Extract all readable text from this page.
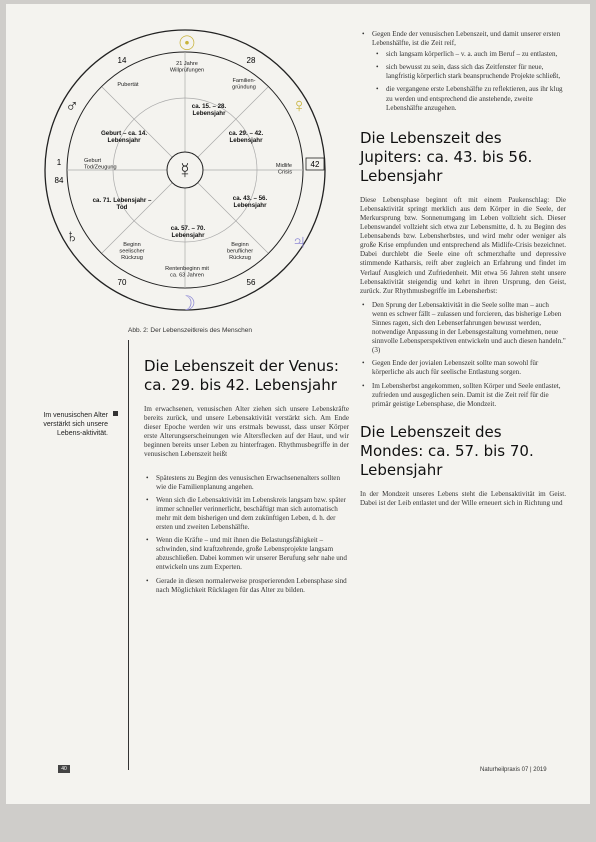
☿
☉
♀
♃
☽
♂
♄
14	28
1
84
42
70	56
21 Jahre Willprüfungen
Pubertät
Familien-gründung
Geburt Tod/Zeugung	Midlife Crisis
Beginn seelischer Rückzug
Beginn beruflicher Rückzug
Rentenbeginn mit ca. 63 Jahren
ca. 15. – 28. Lebensjahr
Geburt – ca. 14. Lebensjahr
ca. 29. – 42. Lebensjahr
ca. 71. Lebensjahr – Tod
ca. 43. – 56. Lebensjahr
ca. 57. – 70. Lebensjahr
Abb. 2: Der Lebenszeitkreis des Menschen
Im venusischen Alter verstärkt sich unsere Lebens-aktivität.
Die Lebenszeit der Venus: ca. 29. bis 42. Lebensjahr

Im erwachsenen, venusischen Alter ziehen sich unsere Lebenskräfte bereits zurück, und unsere Lebensaktivität verstärkt sich. Am Ende dieser Epoche werden wir uns erstmals bewusst, dass unser Körper erste Alterungserscheinungen wie Altersflecken auf der Haut, und wir beginnen bereits unser Leben zu hinterfragen. Rhythmusbegriffe in der venusischen Lebenszeit heißt

• Spätestens zu Beginn des venusischen Erwachsenenalters sollten wie die Familienplanung angehen.
• Wenn sich die Lebensaktivität im Lebenskreis langsam bzw. später immer schneller verinnerlicht, beschäftigt man sich automatisch mehr mit dem bisherigen und dem zukünftigen Leben, d. h. der ersten und zweiten Lebenshälfte.
• Wenn die Kräfte – und mit ihnen die Belastungsfähigkeit – schwinden, sind kraftzehrende, große Lebensprojekte langsam abzuschließen. Dabei kommen wir unserer Berufung sehr nahe und entwickeln uns zum Experten.
• Gerade in diesen normalerweise prosperierenden Lebensphase sind nach Möglichkeit Rücklagen für das Alter zu bilden.
• Gegen Ende der venusischen Lebenszeit, und damit unserer ersten Lebenshälfte, ist die Zeit reif,
• sich langsam körperlich – v. a. auch im Beruf – zu entlasten,
• sich bewusst zu sein, dass sich das Zeitfenster für neue, langfristig körperlich stark beanspruchende Projekte schließt,
• die vergangene erste Lebenshälfte zu reflektieren, aus ihr klug zu werden und entsprechend die anstehende, zweite Lebenshälfte anzugehen.
Die Lebenszeit des Jupiters: ca. 43. bis 56. Lebensjahr

Diese Lebensphase beginnt oft mit einem Paukenschlag: Die Lebensaktivität springt merklich aus dem Körper in die Seele, der Merkursprung bzw. Sonnenumgang im Leben vollzieht sich. Dieser Lebenswandel vollzieht sich etwa zur Lebensmitte, d. h. zu Beginn des Lebensabends bzw. Lebensherbstes, und wird mehr oder weniger als große Krise empfunden und entsprechend als Midlife-Crisis bezeichnet. Dabei durchlebt die Seele eine oft schmerzhafte und depressive stimmende Katharsis, reift aber zugleich an Erfahrung und findet im Verlauf Ausgleich und Zufriedenheit. Mit etwa 56 Jahren steht unsere Lebensaktivität steigendig und kehrt in ihren Ursprung, den Geist, zurück. Zur Rhythmusbegriffe im Lebensherbst:

• Den Sprung der Lebensaktivität in die Seele sollte man – auch wenn es schwer fällt – zulassen und forcieren, das bisherige Leben Sinnes ragen, sich den Lebenserfahrungen bewusst werden, notwendige Anpassung in der Lebensgestaltung vornehmen, neue sinnvolle Lebensperspektiven entwickeln und auch diesen handeln." (3)
• Gegen Ende der jovialen Lebenszeit sollte man sowohl für körperliche als auch für seelische Entlastung sorgen.
• Im Lebensherbst angekommen, sollten Körper und Seele entlastet, zufrieden und ausgeglichen sein. Damit ist die Zeit reif für die primär geistige Lebensphase, die Mondzeit.
Die Lebenszeit des Mondes: ca. 57. bis 70. Lebensjahr

In der Mondzeit unseres Lebens steht die Lebensaktivität im Geist. Dabei ist der Leib entlastet und der Wille erneuert sich in Richtung und

40	Naturheilpraxis 07 | 2019
